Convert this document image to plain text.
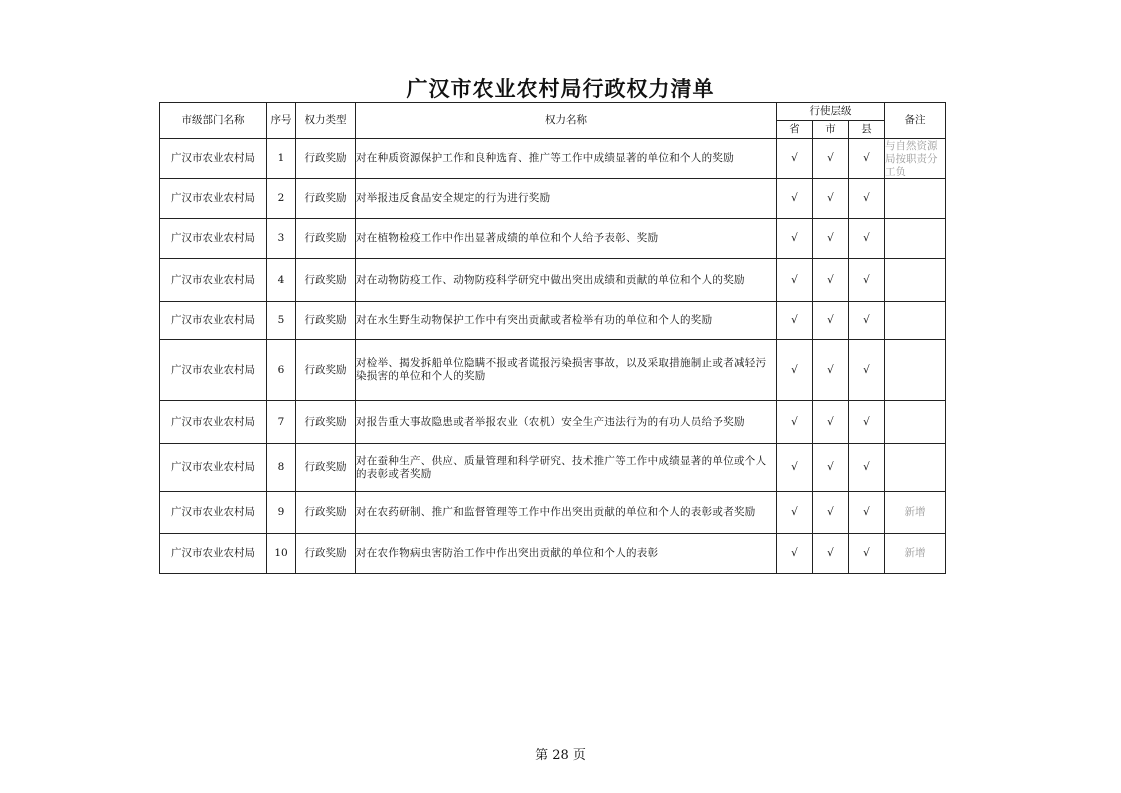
广汉市农业农村局行政权力清单
市级部门名称	序号	权力类型	权力名称	行使层级			备注
				省	市	县	
广汉市农业农村局	1	行政奖励	对在种质资源保护工作和良种选育、推广等工作中成绩显著的单位和个人的奖励	√	√	√	与自然资源局按职责分工负

广汉市农业农村局	2	行政奖励	对举报违反食品安全规定的行为进行奖励	√	√	√	
广汉市农业农村局	3	行政奖励	对在植物检疫工作中作出显著成绩的单位和个人给予表彰、奖励	√	√	√	
广汉市农业农村局	4	行政奖励	对在动物防疫工作、动物防疫科学研究中做出突出成绩和贡献的单位和个人的奖励	√	√	√	
广汉市农业农村局	5	行政奖励	对在水生野生动物保护工作中有突出贡献或者检举有功的单位和个人的奖励	√	√	√	
广汉市农业农村局	6	行政奖励	对检举、揭发拆船单位隐瞒不报或者谎报污染损害事故，以及采取措施制止或者减轻污染损害的单位和个人的奖励	√	√	√	
广汉市农业农村局	7	行政奖励	对报告重大事故隐患或者举报农业（农机）安全生产违法行为的有功人员给予奖励	√	√	√	
广汉市农业农村局	8	行政奖励	对在蚕种生产、供应、质量管理和科学研究、技术推广等工作中成绩显著的单位或个人的表彰或者奖励	√	√	√	
广汉市农业农村局	9	行政奖励	对在农药研制、推广和监督管理等工作中作出突出贡献的单位和个人的表彰或者奖励	√	√	√	新增
广汉市农业农村局	10	行政奖励	对在农作物病虫害防治工作中作出突出贡献的单位和个人的表彰	√	√	√	新增
第 28 页
